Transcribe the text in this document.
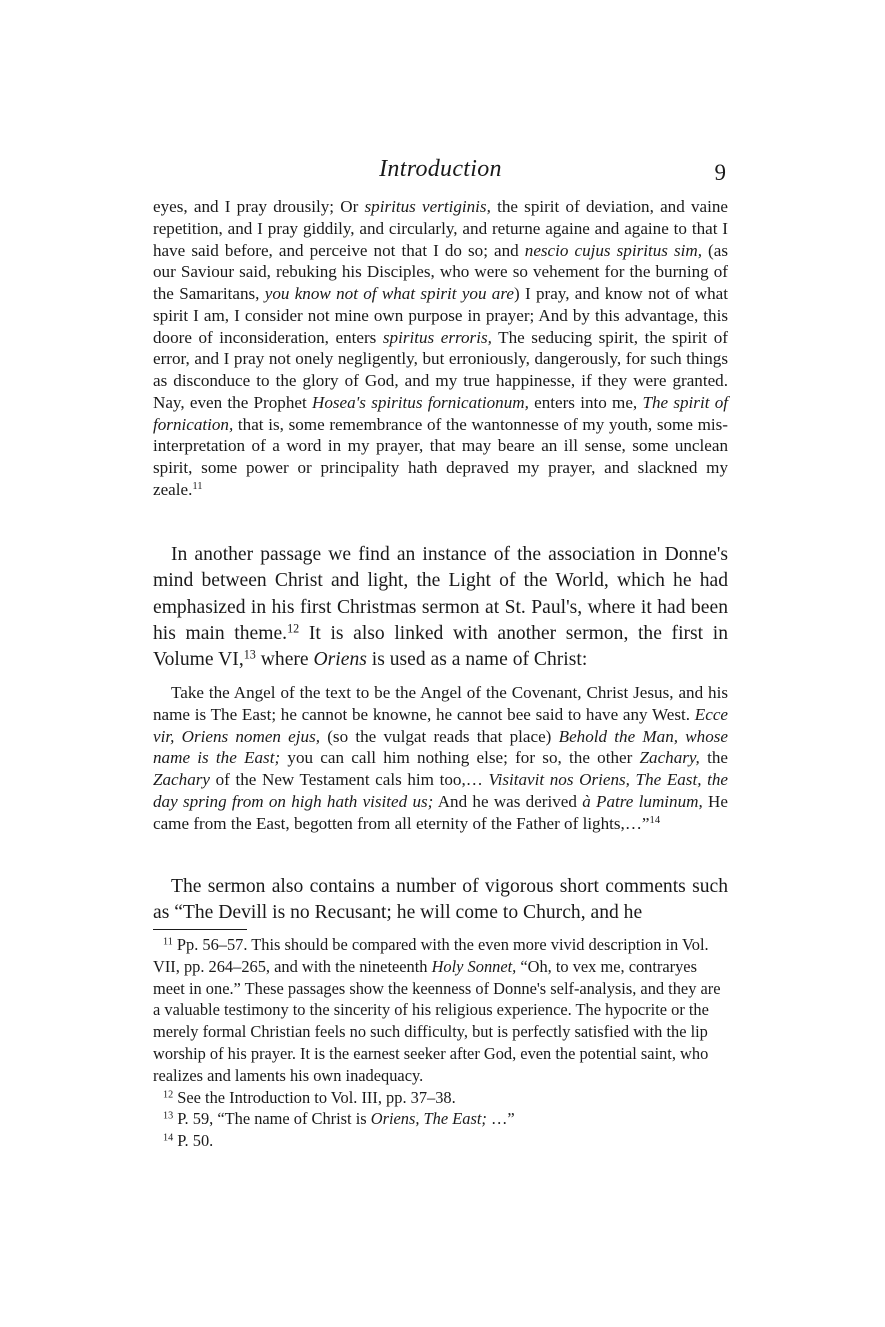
Introduction	9

eyes, and I pray drousily; Or spiritus vertiginis, the spirit of deviation, and vaine repetition, and I pray giddily, and circularly, and returne againe and againe to that I have said before, and perceive not that I do so; and nescio cujus spiritus sim, (as our Saviour said, rebuking his Disciples, who were so vehement for the burning of the Samaritans, you know not of what spirit you are) I pray, and know not of what spirit I am, I consider not mine own purpose in prayer; And by this advantage, this doore of inconsideration, enters spiritus erroris, The seducing spirit, the spirit of error, and I pray not onely negligently, but erroniously, dangerously, for such things as disconduce to the glory of God, and my true happinesse, if they were granted. Nay, even the Prophet Hosea's spiritus fornicationum, enters into me, The spirit of fornication, that is, some remembrance of the wantonnesse of my youth, some mis-interpretation of a word in my prayer, that may beare an ill sense, some unclean spirit, some power or principality hath depraved my prayer, and slackned my zeale.$^{11}$

In another passage we find an instance of the association in Donne's mind between Christ and light, the Light of the World, which he had emphasized in his first Christmas sermon at St. Paul's, where it had been his main theme.$^{12}$ It is also linked with another sermon, the first in Volume VI,$^{13}$ where Oriens is used as a name of Christ:

Take the Angel of the text to be the Angel of the Covenant, Christ Jesus, and his name is The East; he cannot be knowne, he cannot bee said to have any West. Ecce vir, Oriens nomen ejus, (so the vulgat reads that place) Behold the Man, whose name is the East; you can call him nothing else; for so, the other Zachary, the Zachary of the New Testament cals him too,… Visitavit nos Oriens, The East, the day spring from on high hath visited us; And he was derived à Patre luminum, He came from the East, begotten from all eternity of the Father of lights,…”$^{14}$

The sermon also contains a number of vigorous short comments such as “The Devill is no Recusant; he will come to Church, and he

$^{11}$ Pp. 56–57. This should be compared with the even more vivid description in Vol. VII, pp. 264–265, and with the nineteenth Holy Sonnet, “Oh, to vex me, contraryes meet in one.” These passages show the keenness of Donne's self-analysis, and they are a valuable testimony to the sincerity of his religious experience. The hypocrite or the merely formal Christian feels no such difficulty, but is perfectly satisfied with the lip worship of his prayer. It is the earnest seeker after God, even the potential saint, who realizes and laments his own inadequacy.

$^{12}$ See the Introduction to Vol. III, pp. 37–38.

$^{13}$ P. 59, “The name of Christ is Oriens, The East; …”

$^{14}$ P. 50.
